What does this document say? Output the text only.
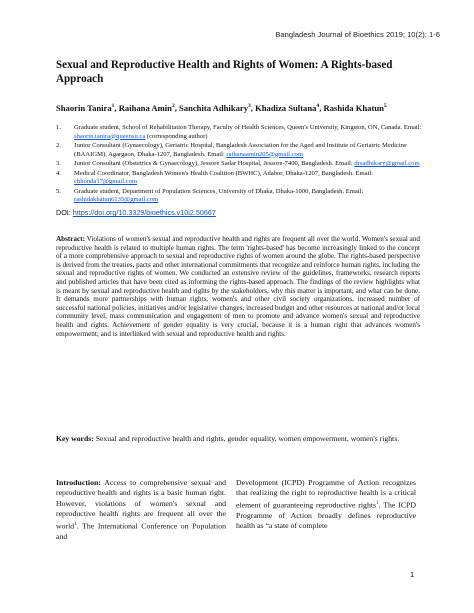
Bangladesh Journal of Bioethics 2019; 10(2): 1-6
Sexual and Reproductive Health and Rights of Women: A Rights-based Approach
Shaorin Tanira$^1$, Raihana Amin$^2$, Sanchita Adhikary$^3$, Khadiza Sultana$^4$, Rashida Khatun$^5$
1. Graduate student, School of Rehabilitation Therapy, Faculty of Health Sciences, Queen's University, Kingston, ON, Canada. Email: shaorin.tanira@queensu.ca (corresponding author)
2. Junior Consultant (Gynaecology), Geriatric Hospital, Bangladesh Association for the Aged and Institute of Geriatric Medicine (BAAIGM), Agargaon, Dhaka-1207, Bangladesh. Email: raihanaamin205@gmail.com
3. Junior Consultant (Obstetrics & Gynaecology), Jessore Sadar Hospital, Jessore-7400, Bangladesh. Email: drsadhikary@gmail.com
4. Medical Coordinator, Bangladesh Women's Health Coalition (BWHC), Adabor, Dhaka-1207, Bangladesh. Email: chhonda17@gmail.com
5. Graduate student, Department of Population Sciences, University of Dhaka, Dhaka-1000, Bangladesh. Email: rashidakhatun6135@gmail.com
DOI: https://doi.org/10.3329/bioethics.v10i2.50667

Abstract: Violations of women's sexual and reproductive health and rights are frequent all over the world. Women's sexual and reproductive health is related to multiple human rights. The term 'rights-based' has become increasingly linked to the concept of a more comprehensive approach to sexual and reproductive rights of women around the globe. The rights-based perspective is derived from the treaties, pacts and other international commitments that recognize and reinforce human rights, including the sexual and reproductive rights of women. We conducted an extensive review of the guidelines, frameworks, research reports and published articles that have been cited as informing the rights-based approach. The findings of the review highlights what is meant by sexual and reproductive health and rights by the stakeholders, why this matter is important, and what can be done. It demands more partnerships with human rights, women's and other civil society organizations, increased number of successful national policies, initiatives and/or legislative changes, increased budget and other resources at national and/or local community level, mass communication and engagement of men to promote and advance women's sexual and reproductive health and rights. Achievement of gender equality is very crucial, because it is a human right that advances women's empowerment; and is interlinked with sexual and reproductive health and rights.

Key words: Sexual and reproductive health and rights, gender equality, women empowerment, women's rights.

Introduction: Access to comprehensive sexual and reproductive health and rights is a basic human right. However, violations of women's sexual and reproductive health rights are frequent all over the world$^1$. The International Conference on Population and

Development (ICPD) Programme of Action recognizes that realizing the right to reproductive health is a critical element of guaranteeing reproductive rights$^1$. The ICPD Programme of Action broadly defines reproductive health as “a state of complete

1
